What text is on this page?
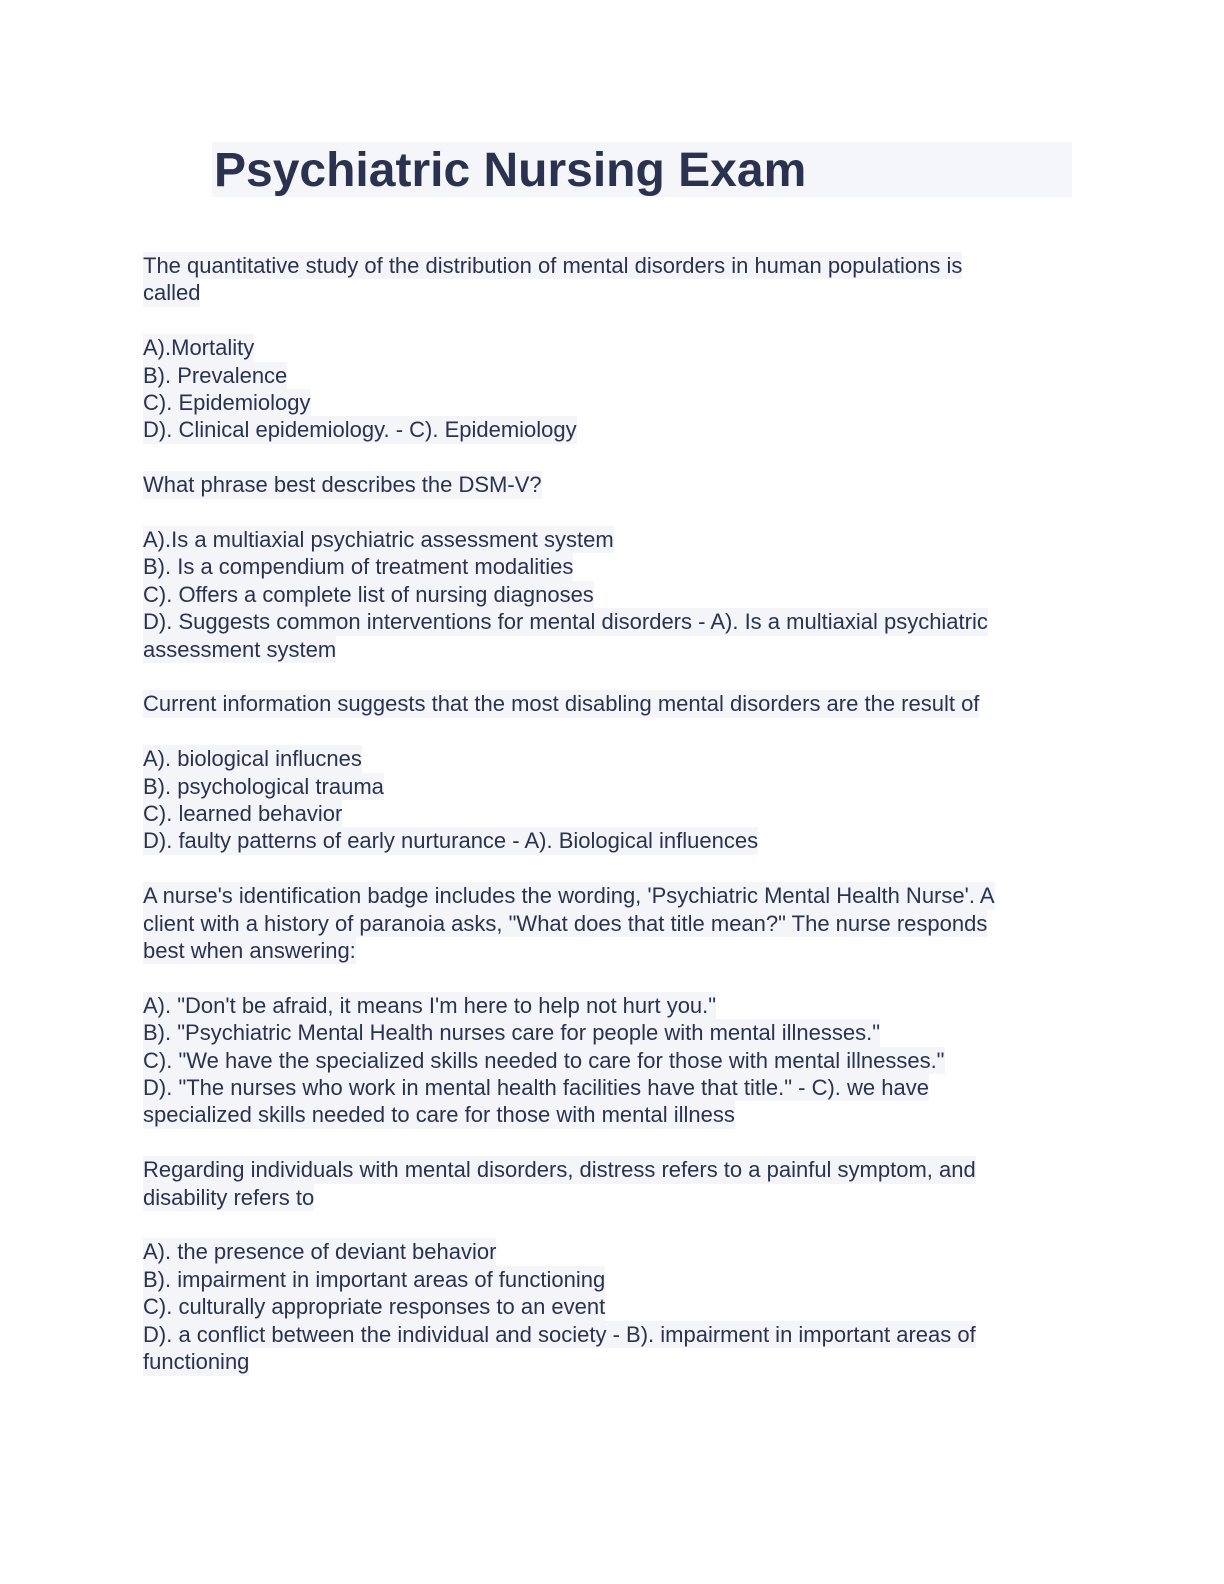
Psychiatric Nursing Exam
The quantitative study of the distribution of mental disorders in human populations is
called
A).Mortality
B). Prevalence
C). Epidemiology
D). Clinical epidemiology. - C). Epidemiology
What phrase best describes the DSM-V?
A).Is a multiaxial psychiatric assessment system
B). Is a compendium of treatment modalities
C). Offers a complete list of nursing diagnoses
D). Suggests common interventions for mental disorders - A). Is a multiaxial psychiatric
assessment system
Current information suggests that the most disabling mental disorders are the result of
A). biological influcnes
B). psychological trauma
C). learned behavior
D). faulty patterns of early nurturance - A). Biological influences
A nurse's identification badge includes the wording, 'Psychiatric Mental Health Nurse'. A
client with a history of paranoia asks, "What does that title mean?" The nurse responds
best when answering:
A). "Don't be afraid, it means I'm here to help not hurt you."
B). "Psychiatric Mental Health nurses care for people with mental illnesses."
C). "We have the specialized skills needed to care for those with mental illnesses."
D). "The nurses who work in mental health facilities have that title." - C). we have
specialized skills needed to care for those with mental illness
Regarding individuals with mental disorders, distress refers to a painful symptom, and
disability refers to
A). the presence of deviant behavior
B). impairment in important areas of functioning
C). culturally appropriate responses to an event
D). a conflict between the individual and society - B). impairment in important areas of
functioning
